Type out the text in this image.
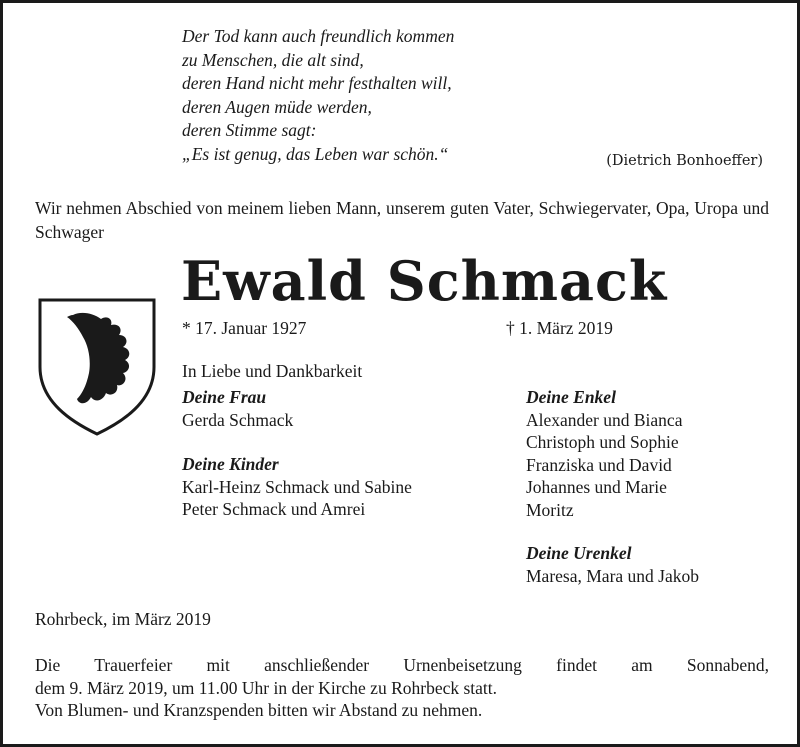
Der Tod kann auch freundlich kommen
zu Menschen, die alt sind,
deren Hand nicht mehr festhalten will,
deren Augen müde werden,
deren Stimme sagt:
„Es ist genug, das Leben war schön.“	(Dietrich Bonhoeffer)
Wir nehmen Abschied von meinem lieben Mann, unserem guten Vater, Schwiegervater, Opa, Uropa und Schwager
Ewald Schmack
* 17. Januar 1927	† 1. März 2019
In Liebe und Dankbarkeit
Deine Frau
Gerda Schmack
Deine Kinder
Karl-Heinz Schmack und Sabine
Peter Schmack und Amrei
Deine Enkel
Alexander und Bianca
Christoph und Sophie
Franziska und David
Johannes und Marie
Moritz
Deine Urenkel
Maresa, Mara und Jakob
Rohrbeck, im März 2019
Die Trauerfeier mit anschließender Urnenbeisetzung findet am Sonnabend,
dem 9. März 2019, um 11.00 Uhr in der Kirche zu Rohrbeck statt.
Von Blumen- und Kranzspenden bitten wir Abstand zu nehmen.
